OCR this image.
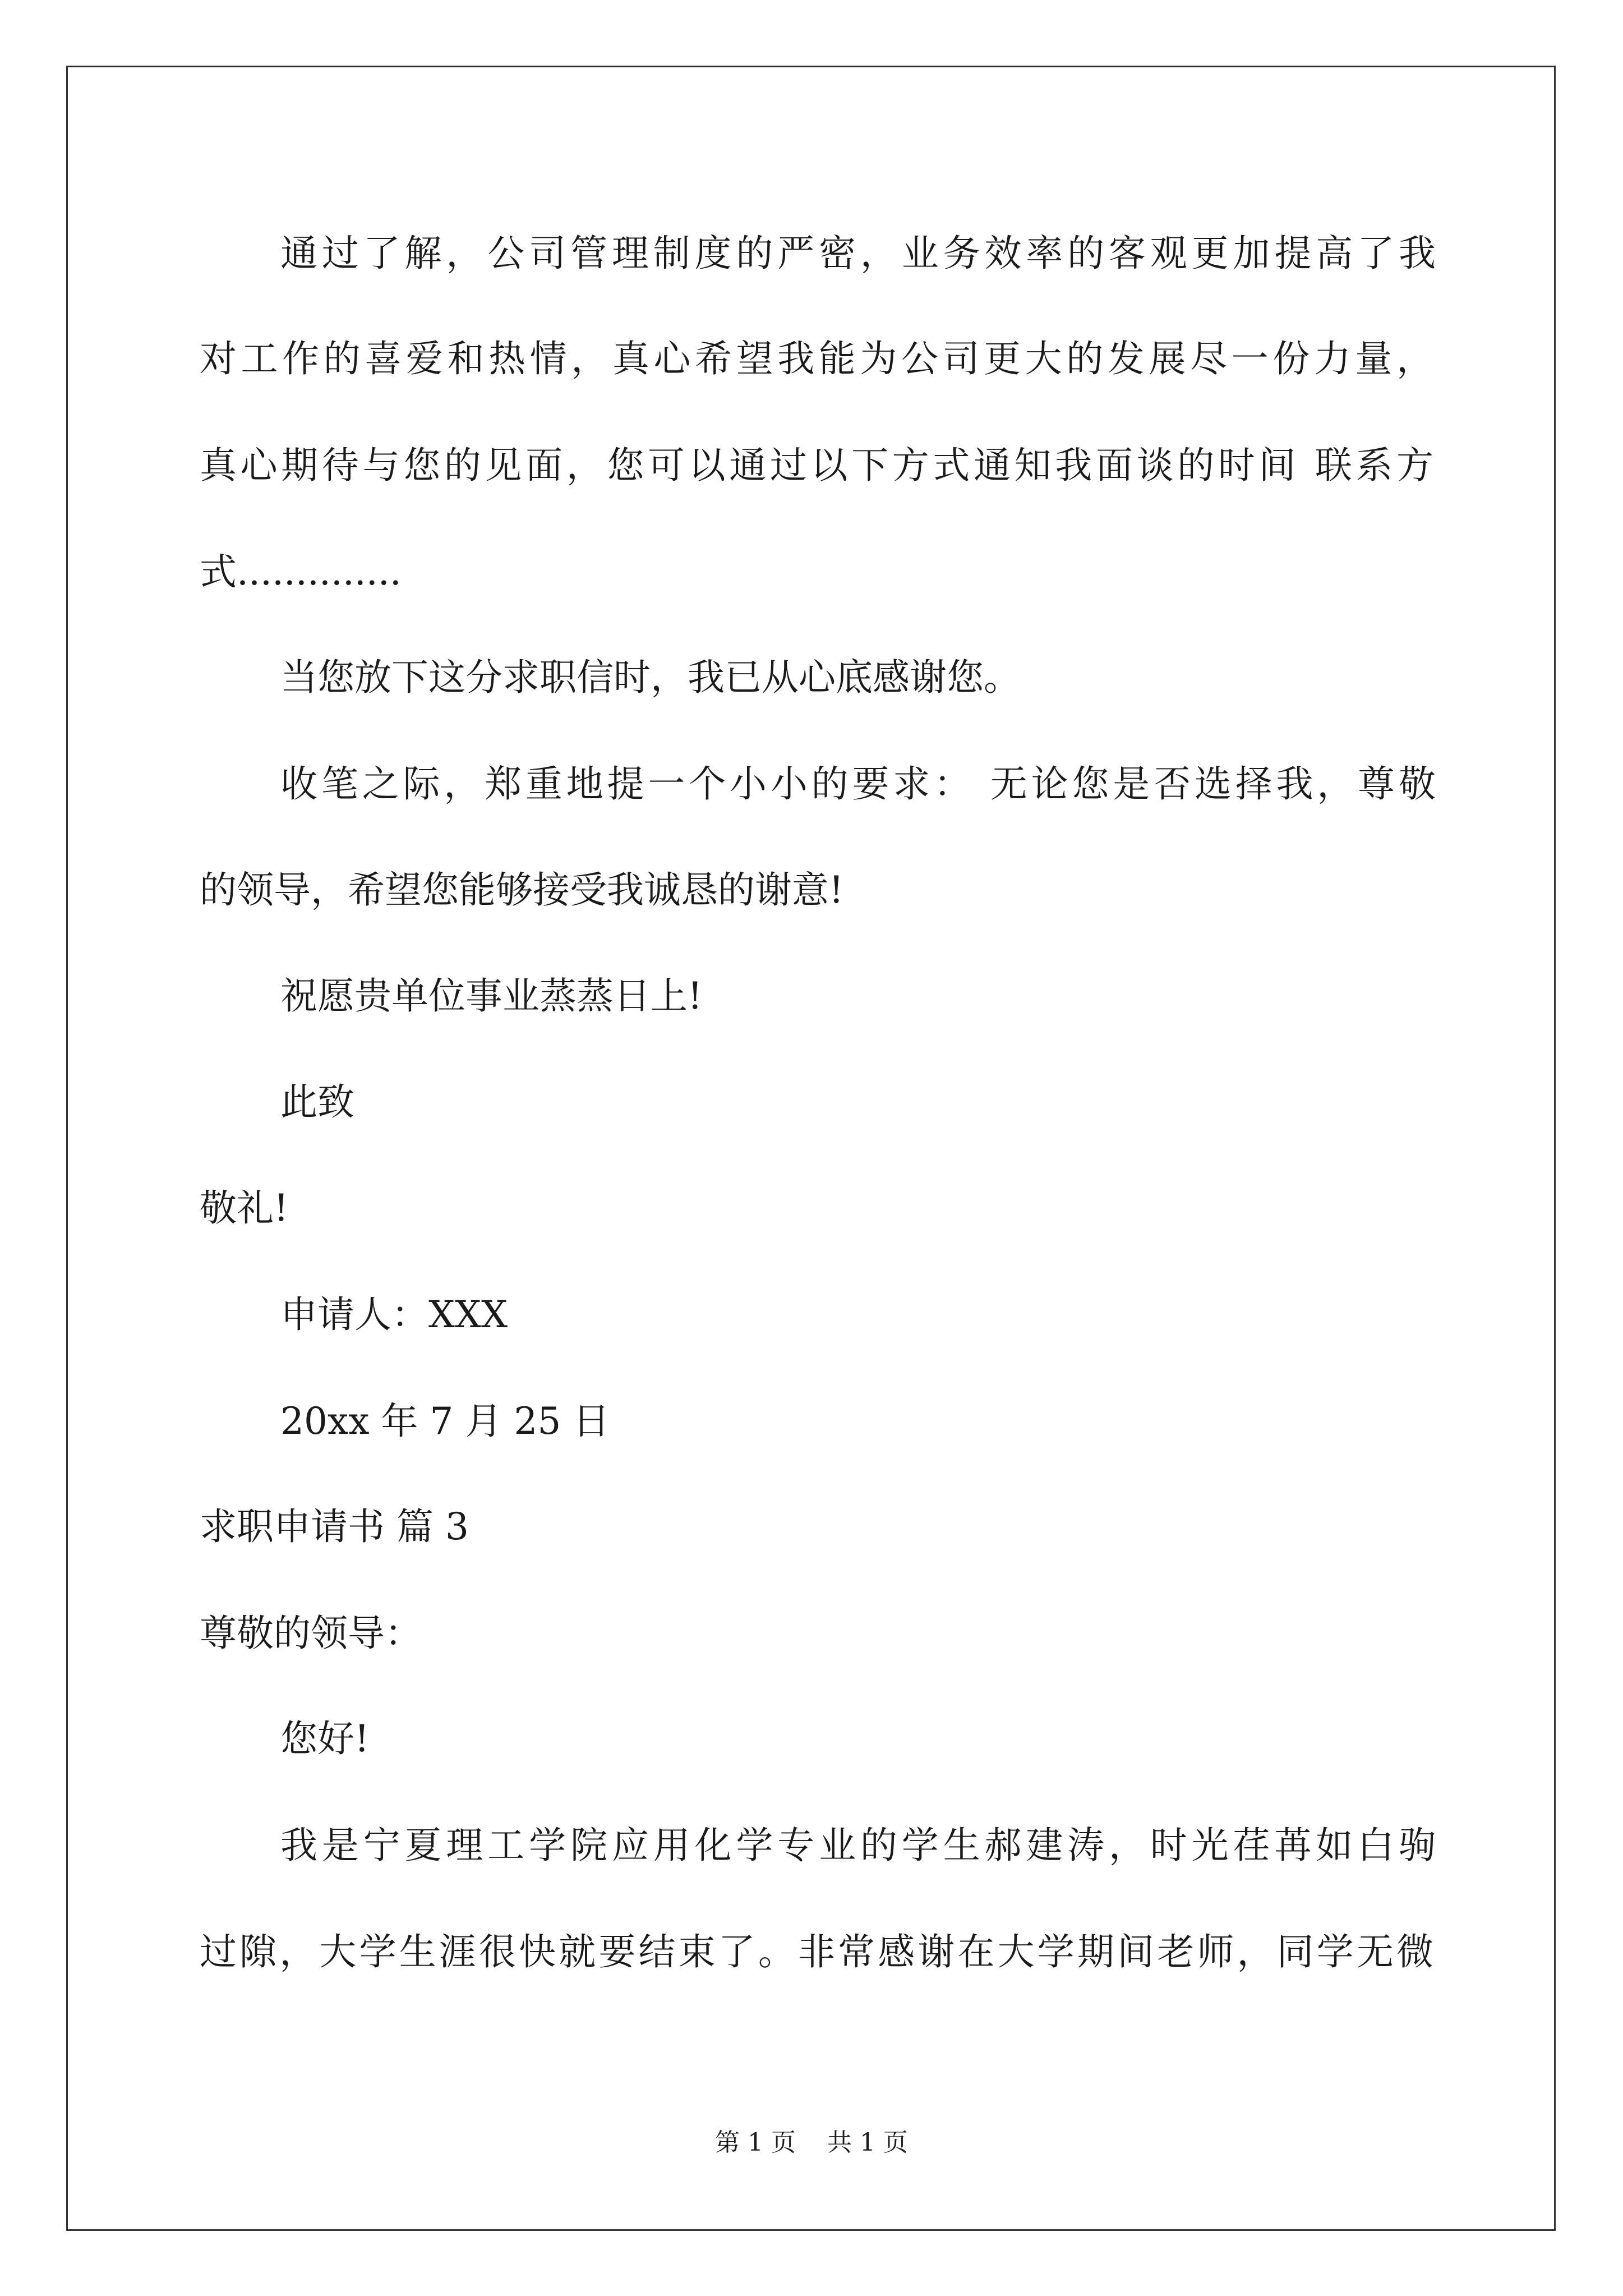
通过了解，公司管理制度的严密，业务效率的客观更加提高了我
对工作的喜爱和热情，真心希望我能为公司更大的发展尽一份力量，
真心期待与您的见面，您可以通过以下方式通知我面谈的时间 联系方
式..............
当您放下这分求职信时，我已从心底感谢您。
收笔之际，郑重地提一个小小的要求： 无论您是否选择我，尊敬
的领导，希望您能够接受我诚恳的谢意!
祝愿贵单位事业蒸蒸日上!
此致
敬礼!
申请人：XXX
20xx 年 7 月 25 日
求职申请书 篇 3
尊敬的领导：
您好!
我是宁夏理工学院应用化学专业的学生郝建涛，时光荏苒如白驹
过隙，大学生涯很快就要结束了。非常感谢在大学期间老师，同学无微
第 1 页    共 1 页
